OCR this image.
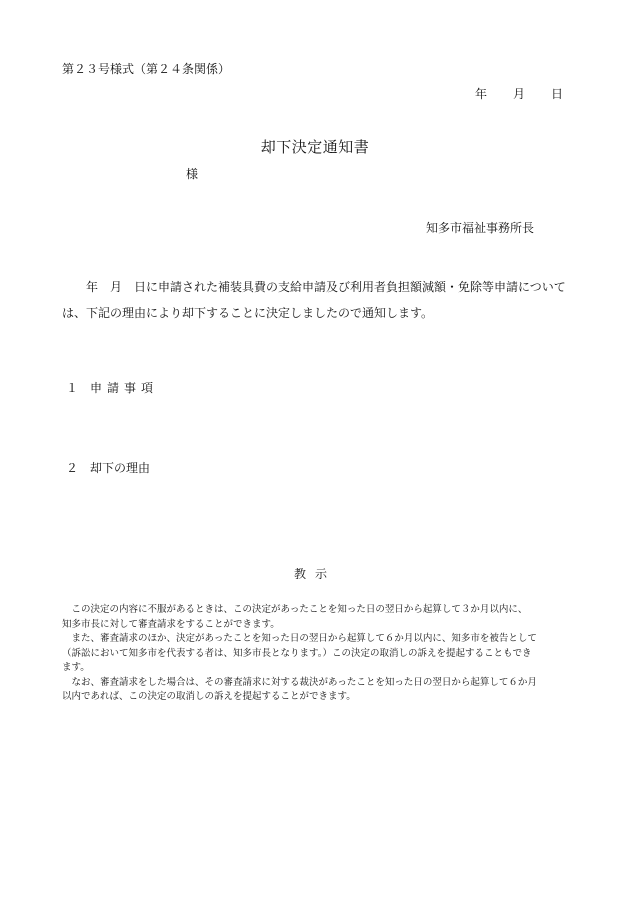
第２３号様式（第２４条関係）
年 月 日
却下決定通知書
様
知多市福祉事務所長

　　年　月　日に申請された補装具費の支給申請及び利用者負担額減額・免除等申請について

は、下記の理由により却下することに決定しましたので通知します。

１ 申請事項
２ 却下の理由
教示

　この決定の内容に不服があるときは、この決定があったことを知った日の翌日から起算して３か月以内に、

知多市長に対して審査請求をすることができます。

　また、審査請求のほか、決定があったことを知った日の翌日から起算して６か月以内に、知多市を被告として

（訴訟において知多市を代表する者は、知多市長となります。）この決定の取消しの訴えを提起することもでき

ます。

　なお、審査請求をした場合は、その審査請求に対する裁決があったことを知った日の翌日から起算して６か月

以内であれば、この決定の取消しの訴えを提起することができます。
